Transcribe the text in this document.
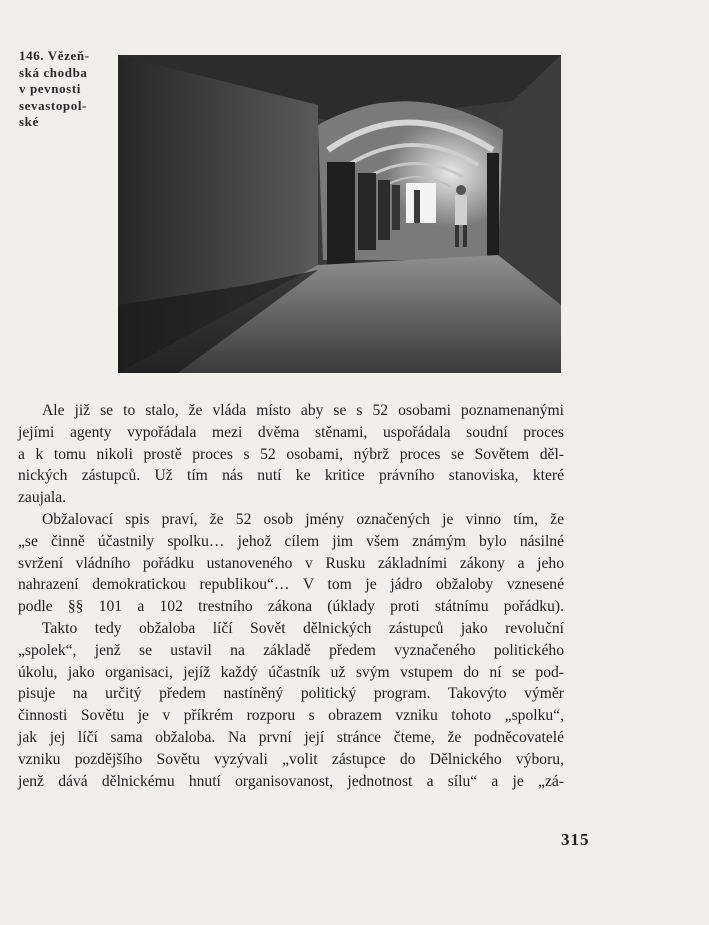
146. Vězeň-
ská chodba
v pevnosti
sevastopol-
ské
Ale již se to stalo, že vláda místo aby se s 52 osobami poznamenanými
jejími agenty vypořádala mezi dvěma stěnami, uspořádala soudní proces
a k tomu nikoli prostě proces s 52 osobami, nýbrž proces se Sovětem děl-
nických zástupců. Už tím nás nutí ke kritice právního stanoviska, které
zaujala.
Obžalovací spis praví, že 52 osob jmény označených je vinno tím, že
„se činně účastnily spolku… jehož cílem jim všem známým bylo násilné
svržení vládního pořádku ustanoveného v Rusku základními zákony a jeho
nahrazení demokratickou republikou“… V tom je jádro obžaloby vznesené
podle §§ 101 a 102 trestního zákona (úklady proti státnímu pořádku).
Takto tedy obžaloba líčí Sovět dělnických zástupců jako revoluční
„spolek“, jenž se ustavil na základě předem vyznačeného politického
úkolu, jako organisaci, jejíž každý účastník už svým vstupem do ní se pod-
pisuje na určitý předem nastíněný politický program. Takovýto výměr
činnosti Sovětu je v příkrém rozporu s obrazem vzniku tohoto „spolku“,
jak jej líčí sama obžaloba. Na první její stránce čteme, že podněcovatelé
vzniku pozdějšího Sovětu vyzývali „volit zástupce do Dělnického výboru,
jenž dává dělnickému hnutí organisovanost, jednotnost a sílu“ a je „zá-
315
